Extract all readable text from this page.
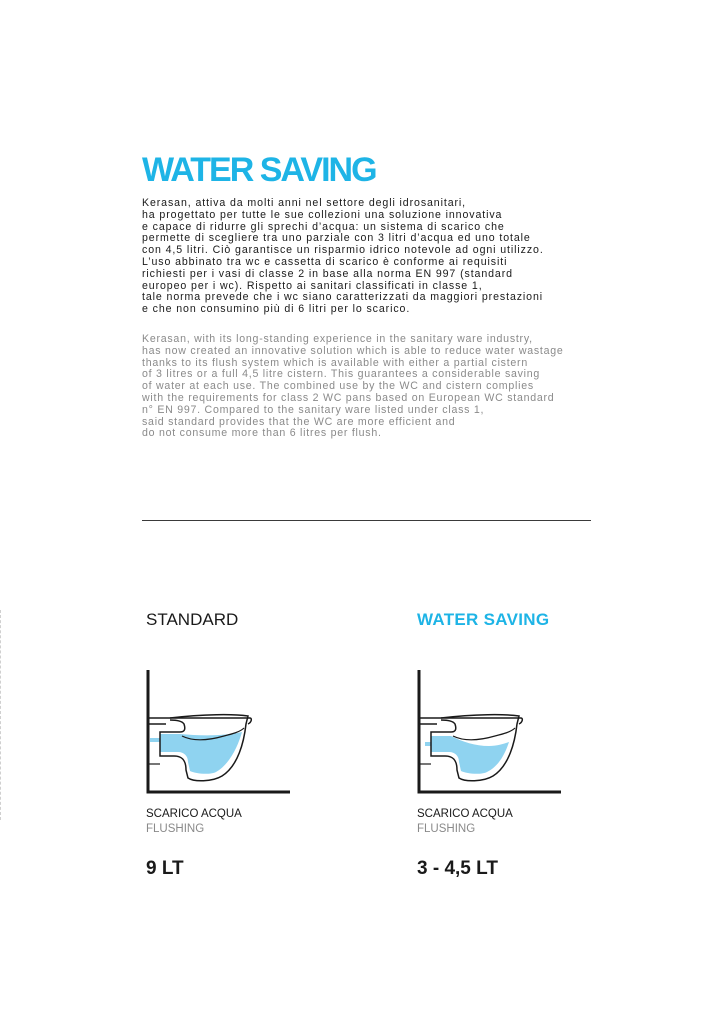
WATER SAVING
Kerasan, attiva da molti anni nel settore degli idrosanitari,
ha progettato per tutte le sue collezioni una soluzione innovativa
e capace di ridurre gli sprechi d’acqua: un sistema di scarico che
permette di scegliere tra uno parziale con 3 litri d’acqua ed uno totale
con 4,5 litri. Ciò garantisce un risparmio idrico notevole ad ogni utilizzo.
L’uso abbinato tra wc e cassetta di scarico è conforme ai requisiti
richiesti per i vasi di classe 2 in base alla norma EN 997 (standard
europeo per i wc). Rispetto ai sanitari classificati in classe 1,
tale norma prevede che i wc siano caratterizzati da maggiori prestazioni
e che non consumino più di 6 litri per lo scarico.
Kerasan, with its long-standing experience in the sanitary ware industry,
has now created an innovative solution which is able to reduce water wastage
thanks to its flush system which is available with either a partial cistern
of 3 litres or a full 4,5 litre cistern. This guarantees a considerable saving
of water at each use. The combined use by the WC and cistern complies
with the requirements for class 2 WC pans based on European WC standard
n° EN 997. Compared to the sanitary ware listed under class 1,
said standard provides that the WC are more efficient and
do not consume more than 6 litres per flush.
STANDARD
SCARICO ACQUA
FLUSHING
9 LT
WATER SAVING
SCARICO ACQUA
FLUSHING
3 - 4,5 LT
